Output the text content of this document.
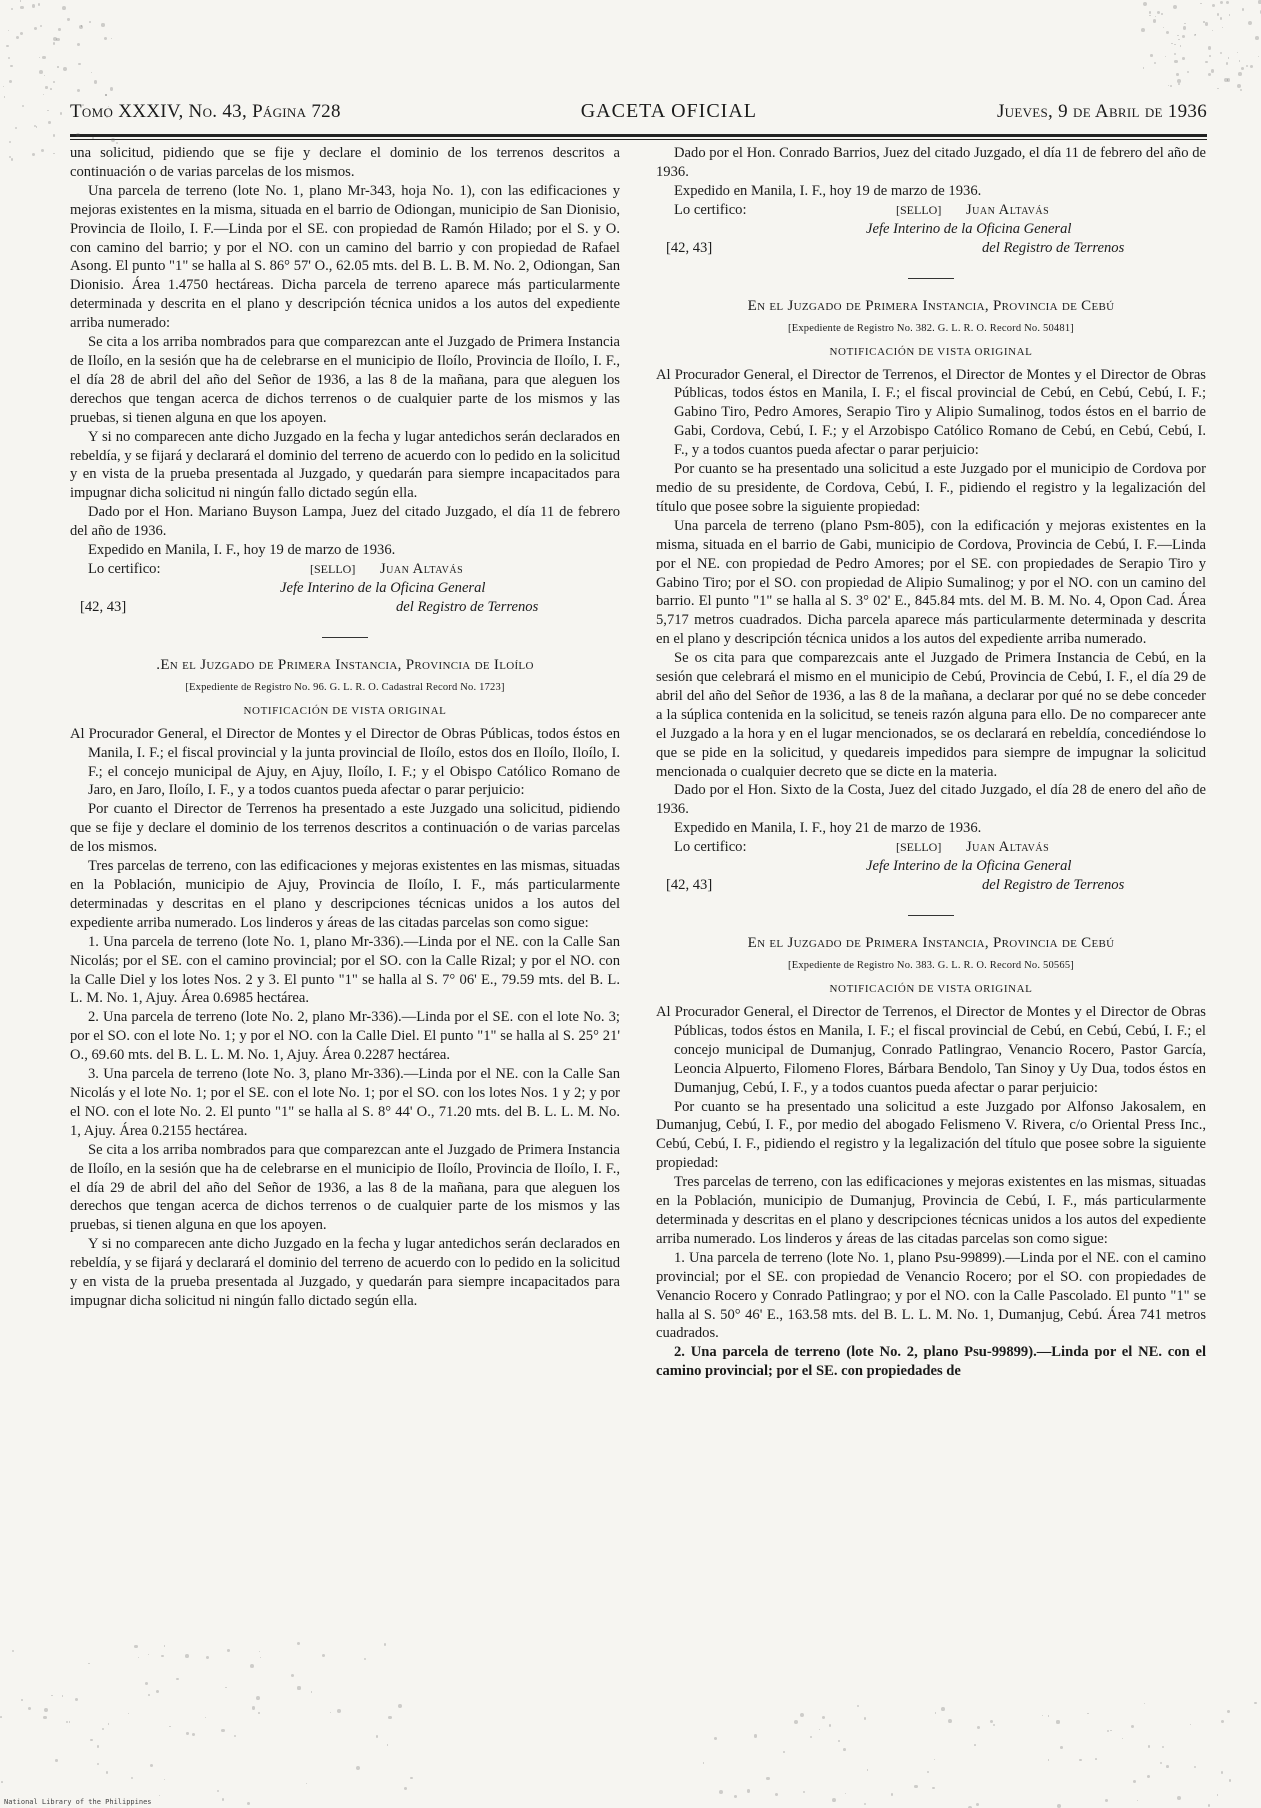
Tomo XXXIV, No. 43, Página 728	GACETA OFICIAL	Jueves, 9 de Abril de 1936

una solicitud, pidiendo que se fije y declare el dominio de los terrenos descritos a continuación o de varias parcelas de los mismos.

Una parcela de terreno (lote No. 1, plano Mr-343, hoja No. 1), con las edificaciones y mejoras existentes en la misma, situada en el barrio de Odiongan, municipio de San Dionisio, Provincia de Iloilo, I. F.—Linda por el SE. con propiedad de Ramón Hilado; por el S. y O. con camino del barrio; y por el NO. con un camino del barrio y con propiedad de Rafael Asong. El punto "1" se halla al S. 86° 57' O., 62.05 mts. del B. L. B. M. No. 2, Odiongan, San Dionisio. Área 1.4750 hectáreas. Dicha parcela de terreno aparece más particularmente determinada y descrita en el plano y descripción técnica unidos a los autos del expediente arriba numerado:

Se cita a los arriba nombrados para que comparezcan ante el Juzgado de Primera Instancia de Iloílo, en la sesión que ha de celebrarse en el municipio de Iloílo, Provincia de Iloílo, I. F., el día 28 de abril del año del Señor de 1936, a las 8 de la mañana, para que aleguen los derechos que tengan acerca de dichos terrenos o de cualquier parte de los mismos y las pruebas, si tienen alguna en que los apoyen.

Y si no comparecen ante dicho Juzgado en la fecha y lugar antedichos serán declarados en rebeldía, y se fijará y declarará el dominio del terreno de acuerdo con lo pedido en la solicitud y en vista de la prueba presentada al Juzgado, y quedarán para siempre incapacitados para impugnar dicha solicitud ni ningún fallo dictado según ella.

Dado por el Hon. Mariano Buyson Lampa, Juez del citado Juzgado, el día 11 de febrero del año de 1936.

Expedido en Manila, I. F., hoy 19 de marzo de 1936.
Lo certifico:	[SELLO] Juan Altavás
Jefe Interino de la Oficina General
[42, 43]	del Registro de Terrenos

.En el Juzgado de Primera Instancia, Provincia de Iloílo

[Expediente de Registro No. 96. G. L. R. O. Cadastral Record No. 1723]

NOTIFICACIÓN DE VISTA ORIGINAL

Al Procurador General, el Director de Montes y el Director de Obras Públicas, todos éstos en Manila, I. F.; el fiscal provincial y la junta provincial de Iloílo, estos dos en Iloílo, Iloílo, I. F.; el concejo municipal de Ajuy, en Ajuy, Iloílo, I. F.; y el Obispo Católico Romano de Jaro, en Jaro, Iloílo, I. F., y a todos cuantos pueda afectar o parar perjuicio:

Por cuanto el Director de Terrenos ha presentado a este Juzgado una solicitud, pidiendo que se fije y declare el dominio de los terrenos descritos a continuación o de varias parcelas de los mismos.

Tres parcelas de terreno, con las edificaciones y mejoras existentes en las mismas, situadas en la Población, municipio de Ajuy, Provincia de Iloílo, I. F., más particularmente determinadas y descritas en el plano y descripciones técnicas unidos a los autos del expediente arriba numerado. Los linderos y áreas de las citadas parcelas son como sigue:

1. Una parcela de terreno (lote No. 1, plano Mr-336).—Linda por el NE. con la Calle San Nicolás; por el SE. con el camino provincial; por el SO. con la Calle Rizal; y por el NO. con la Calle Diel y los lotes Nos. 2 y 3. El punto "1" se halla al S. 7° 06' E., 79.59 mts. del B. L. L. M. No. 1, Ajuy. Área 0.6985 hectárea.

2. Una parcela de terreno (lote No. 2, plano Mr-336).—Linda por el SE. con el lote No. 3; por el SO. con el lote No. 1; y por el NO. con la Calle Diel. El punto "1" se halla al S. 25° 21' O., 69.60 mts. del B. L. L. M. No. 1, Ajuy. Área 0.2287 hectárea.

3. Una parcela de terreno (lote No. 3, plano Mr-336).—Linda por el NE. con la Calle San Nicolás y el lote No. 1; por el SE. con el lote No. 1; por el SO. con los lotes Nos. 1 y 2; y por el NO. con el lote No. 2. El punto "1" se halla al S. 8° 44' O., 71.20 mts. del B. L. L. M. No. 1, Ajuy. Área 0.2155 hectárea.

Se cita a los arriba nombrados para que comparezcan ante el Juzgado de Primera Instancia de Iloílo, en la sesión que ha de celebrarse en el municipio de Iloílo, Provincia de Iloílo, I. F., el día 29 de abril del año del Señor de 1936, a las 8 de la mañana, para que aleguen los derechos que tengan acerca de dichos terrenos o de cualquier parte de los mismos y las pruebas, si tienen alguna en que los apoyen.

Y si no comparecen ante dicho Juzgado en la fecha y lugar antedichos serán declarados en rebeldía, y se fijará y declarará el dominio del terreno de acuerdo con lo pedido en la solicitud y en vista de la prueba presentada al Juzgado, y quedarán para siempre incapacitados para impugnar dicha solicitud ni ningún fallo dictado según ella.

Dado por el Hon. Conrado Barrios, Juez del citado Juzgado, el día 11 de febrero del año de 1936.

Expedido en Manila, I. F., hoy 19 de marzo de 1936.
Lo certifico:	[SELLO] Juan Altavás
Jefe Interino de la Oficina General
[42, 43]	del Registro de Terrenos

En el Juzgado de Primera Instancia, Provincia de Cebú

[Expediente de Registro No. 382. G. L. R. O. Record No. 50481]

NOTIFICACIÓN DE VISTA ORIGINAL

Al Procurador General, el Director de Terrenos, el Director de Montes y el Director de Obras Públicas, todos éstos en Manila, I. F.; el fiscal provincial de Cebú, en Cebú, Cebú, I. F.; Gabino Tiro, Pedro Amores, Serapio Tiro y Alipio Sumalinog, todos éstos en el barrio de Gabi, Cordova, Cebú, I. F.; y el Arzobispo Católico Romano de Cebú, en Cebú, Cebú, I. F., y a todos cuantos pueda afectar o parar perjuicio:

Por cuanto se ha presentado una solicitud a este Juzgado por el municipio de Cordova por medio de su presidente, de Cordova, Cebú, I. F., pidiendo el registro y la legalización del título que posee sobre la siguiente propiedad:

Una parcela de terreno (plano Psm-805), con la edificación y mejoras existentes en la misma, situada en el barrio de Gabi, municipio de Cordova, Provincia de Cebú, I. F.—Linda por el NE. con propiedad de Pedro Amores; por el SE. con propiedades de Serapio Tiro y Gabino Tiro; por el SO. con propiedad de Alipio Sumalinog; y por el NO. con un camino del barrio. El punto "1" se halla al S. 3° 02' E., 845.84 mts. del M. B. M. No. 4, Opon Cad. Área 5,717 metros cuadrados. Dicha parcela aparece más particularmente determinada y descrita en el plano y descripción técnica unidos a los autos del expediente arriba numerado.

Se os cita para que comparezcais ante el Juzgado de Primera Instancia de Cebú, en la sesión que celebrará el mismo en el municipio de Cebú, Provincia de Cebú, I. F., el día 29 de abril del año del Señor de 1936, a las 8 de la mañana, a declarar por qué no se debe conceder a la súplica contenida en la solicitud, se teneis razón alguna para ello. De no comparecer ante el Juzgado a la hora y en el lugar mencionados, se os declarará en rebeldía, concediéndose lo que se pide en la solicitud, y quedareis impedidos para siempre de impugnar la solicitud mencionada o cualquier decreto que se dicte en la materia.

Dado por el Hon. Sixto de la Costa, Juez del citado Juzgado, el día 28 de enero del año de 1936.

Expedido en Manila, I. F., hoy 21 de marzo de 1936.
Lo certifico:	[SELLO] Juan Altavás
Jefe Interino de la Oficina General
[42, 43]	del Registro de Terrenos

En el Juzgado de Primera Instancia, Provincia de Cebú

[Expediente de Registro No. 383. G. L. R. O. Record No. 50565]

NOTIFICACIÓN DE VISTA ORIGINAL

Al Procurador General, el Director de Terrenos, el Director de Montes y el Director de Obras Públicas, todos éstos en Manila, I. F.; el fiscal provincial de Cebú, en Cebú, Cebú, I. F.; el concejo municipal de Dumanjug, Conrado Patlingrao, Venancio Rocero, Pastor García, Leoncia Alpuerto, Filomeno Flores, Bárbara Bendolo, Tan Sinoy y Uy Dua, todos éstos en Dumanjug, Cebú, I. F., y a todos cuantos pueda afectar o parar perjuicio:

Por cuanto se ha presentado una solicitud a este Juzgado por Alfonso Jakosalem, en Dumanjug, Cebú, I. F., por medio del abogado Felismeno V. Rivera, c/o Oriental Press Inc., Cebú, Cebú, I. F., pidiendo el registro y la legalización del título que posee sobre la siguiente propiedad:

Tres parcelas de terreno, con las edificaciones y mejoras existentes en las mismas, situadas en la Población, municipio de Dumanjug, Provincia de Cebú, I. F., más particularmente determinada y descritas en el plano y descripciones técnicas unidos a los autos del expediente arriba numerado. Los linderos y áreas de las citadas parcelas son como sigue:

1. Una parcela de terreno (lote No. 1, plano Psu-99899).—Linda por el NE. con el camino provincial; por el SE. con propiedad de Venancio Rocero; por el SO. con propiedades de Venancio Rocero y Conrado Patlingrao; y por el NO. con la Calle Pascolado. El punto "1" se halla al S. 50° 46' E., 163.58 mts. del B. L. L. M. No. 1, Dumanjug, Cebú. Área 741 metros cuadrados.

2. Una parcela de terreno (lote No. 2, plano Psu-99899).—Linda por el NE. con el camino provincial; por el SE. con propiedades de

National Library of the Philippines
